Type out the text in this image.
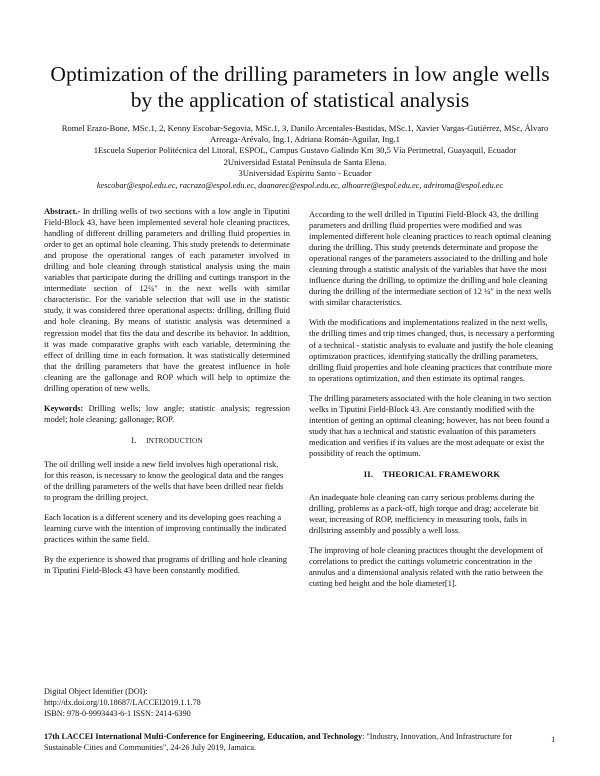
Optimization of the drilling parameters in low angle wells by the application of statistical analysis
Romel Erazo-Bone, MSc.1, 2, Kenny Escobar-Segovia, MSc.1, 3, Danilo Arcentales-Bastidas, MSc.1, Xavier Vargas-Gutiérrez, MSc, Álvaro Arreaga-Arévalo, Ing.1, Adriana Román-Aguilar, Ing.1
1Escuela Superior Politécnica del Litoral, ESPOL, Campus Gustavo Galindo Km 30,5 Vía Perimetral, Guayaquil, Ecuador
2Universidad Estatal Península de Santa Elena.
3Universidad Espíritu Santo - Ecuador
kescobar@espol.edu.ec, racrazo@espol.edu.ec, daanarec@espol.edu.ec, alhoarre@espol.edu.ec, adriroma@espol.edu.ec

Abstract.- In drilling wells of two sections with a low angle in Tiputini Field-Block 43, have been implemented several hole cleaning practices, handling of different drilling parameters and drilling fluid properties in order to get an optimal hole cleaning. This study pretends to determinate and propose the operational ranges of each parameter involved in drilling and hole cleaning through statistical analysis using the main variables that participate during the drilling and cuttings transport in the intermediate section of 12¼" in the next wells with similar characteristic. For the variable selection that will use in the statistic study, it was considered three operational aspects: drilling, drilling fluid and hole cleaning. By means of statistic analysis was determined a regression model that fits the data and describe its behavior. In addition, it was made comparative graphs with each variable, determining the effect of drilling time in each formation. It was statistically determined that the drilling parameters that have the greatest influence in hole cleaning are the gallonage and ROP which will help to optimize the drilling operation of new wells.

Keywords: Drilling wells; low angle; statistic analysis; regression model; hole cleaning; gallonage; ROP.

I. INTRODUCTION

The oil drilling well inside a new field involves high operational risk, for this reason, is necessary to know the geological data and the ranges of the drilling parameters of the wells that have been drilled near fields to program the drilling project.

Each location is a different scenery and its developing goes reaching a learning curve with the intention of improving continually the indicated practices within the same field.

By the experience is showed that programs of drilling and hole cleaning in Tiputini Field-Block 43 have been constantly modified.

Digital Object Identifier (DOI):
http://dx.doi.org/10.18687/LACCEI2019.1.1.78
ISBN: 978-0-9993443-6-1 ISSN: 2414-6390

According to the well drilled in Tiputini Field-Block 43, the drilling parameters and drilling fluid properties were modified and was implemented different hole cleaning practices to reach optimal cleaning during the drilling. This study pretends determinate and propose the operational ranges of the parameters associated to the drilling and hole cleaning through a statistic analysis of the variables that have the most influence during the drilling, to optimize the drilling and hole cleaning during the drilling of the intermediate section of 12 ¼" in the next wells with similar characteristics.

With the modifications and implementations realized in the next wells, the drilling times and trip times changed, thus, is necessary a performing of a technical - statistic analysis to evaluate and justify the hole cleaning optimization practices, identifying statically the drilling parameters, drilling fluid properties and hole cleaning practices that contribute more to operations optimization, and then estimate its optimal ranges.

The drilling parameters associated with the hole cleaning in two section welks in Tiputini Field-Block 43. Are constantly modified with the intention of getting an optimal cleaning; however, has not been found a study that has a technical and statistic evaluation of this parameters medication and verifies if its values are the most adequate or exist the possibility of reach the optimum.

II. THEORICAL FRAMEWORK

An inadequate hole cleaning can carry serious problems during the drilling, problems as a pack-off, high torque and drag; accelerate bit wear, increasing of ROP, inefficiency in measuring tools, fails in drillstring assembly and possibly a well loss.

The improving of hole cleaning practices thought the development of correlations to predict the cuttings volumetric concentration in the annulus and a dimensional analysis related with the ratio between the cutting bed height and the hole diameter[1].

17th LACCEI International Multi-Conference for Engineering, Education, and Technology: "Industry, Innovation, And Infrastructure for Sustainable Cities and Communities", 24-26 July 2019, Jamaica.
1
